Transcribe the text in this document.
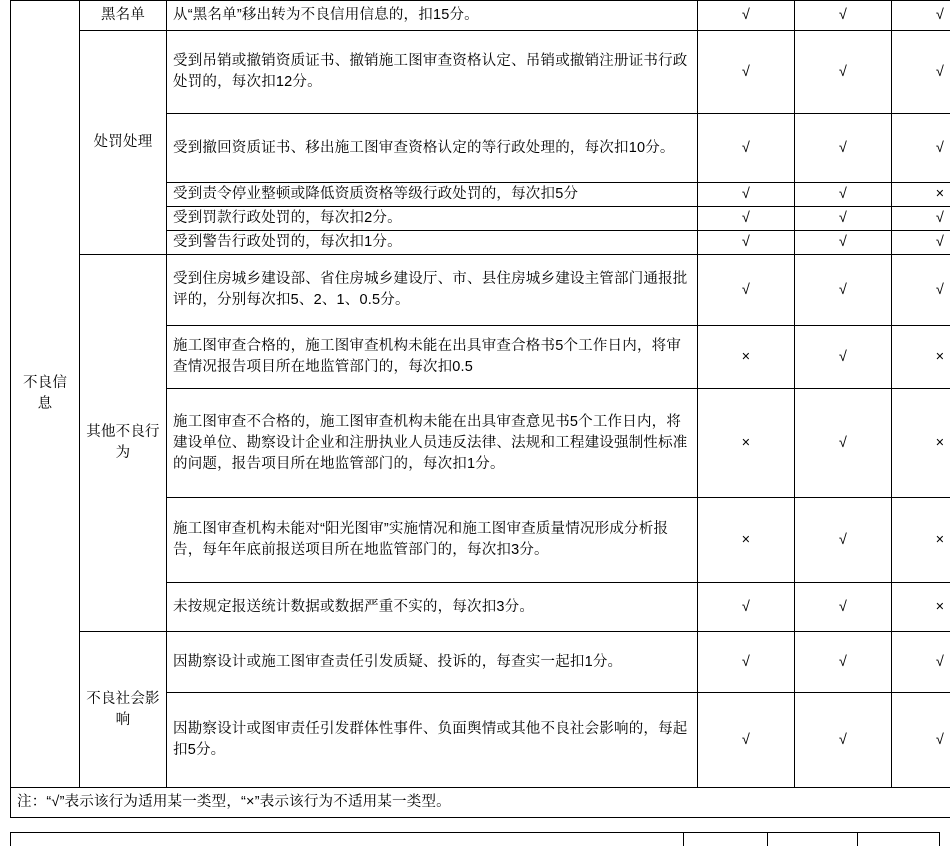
不良信息	黑名单	从“黑名单”移出转为不良信用信息的，扣15分。	√	√	√
	处罚处理	受到吊销或撤销资质证书、撤销施工图审查资格认定、吊销或撤销注册证书行政处罚的，每次扣12分。	√	√	√
		受到撤回资质证书、移出施工图审查资格认定的等行政处理的，每次扣10分。	√	√	√
		受到责令停业整顿或降低资质资格等级行政处罚的，每次扣5分	√	√	×
		受到罚款行政处罚的，每次扣2分。	√	√	√
		受到警告行政处罚的，每次扣1分。	√	√	√
	其他不良行为	受到住房城乡建设部、省住房城乡建设厅、市、县住房城乡建设主管部门通报批评的，分别每次扣5、2、1、0.5分。	√	√	√
		施工图审查合格的，施工图审查机构未能在出具审查合格书5个工作日内，将审查情况报告项目所在地监管部门的，每次扣0.5	×	√	×
		施工图审查不合格的，施工图审查机构未能在出具审查意见书5个工作日内，将建设单位、勘察设计企业和注册执业人员违反法律、法规和工程建设强制性标准的问题，报告项目所在地监管部门的，每次扣1分。	×	√	×
		施工图审查机构未能对“阳光图审”实施情况和施工图审查质量情况形成分析报告，每年年底前报送项目所在地监管部门的，每次扣3分。	×	√	×
		未按规定报送统计数据或数据严重不实的，每次扣3分。	√	√	×
	不良社会影响	因勘察设计或施工图审查责任引发质疑、投诉的，每查实一起扣1分。	√	√	√
		因勘察设计或图审责任引发群体性事件、负面舆情或其他不良社会影响的，每起扣5分。	√	√	√
注：“√”表示该行为适用某一类型，“×”表示该行为不适用某一类型。					
